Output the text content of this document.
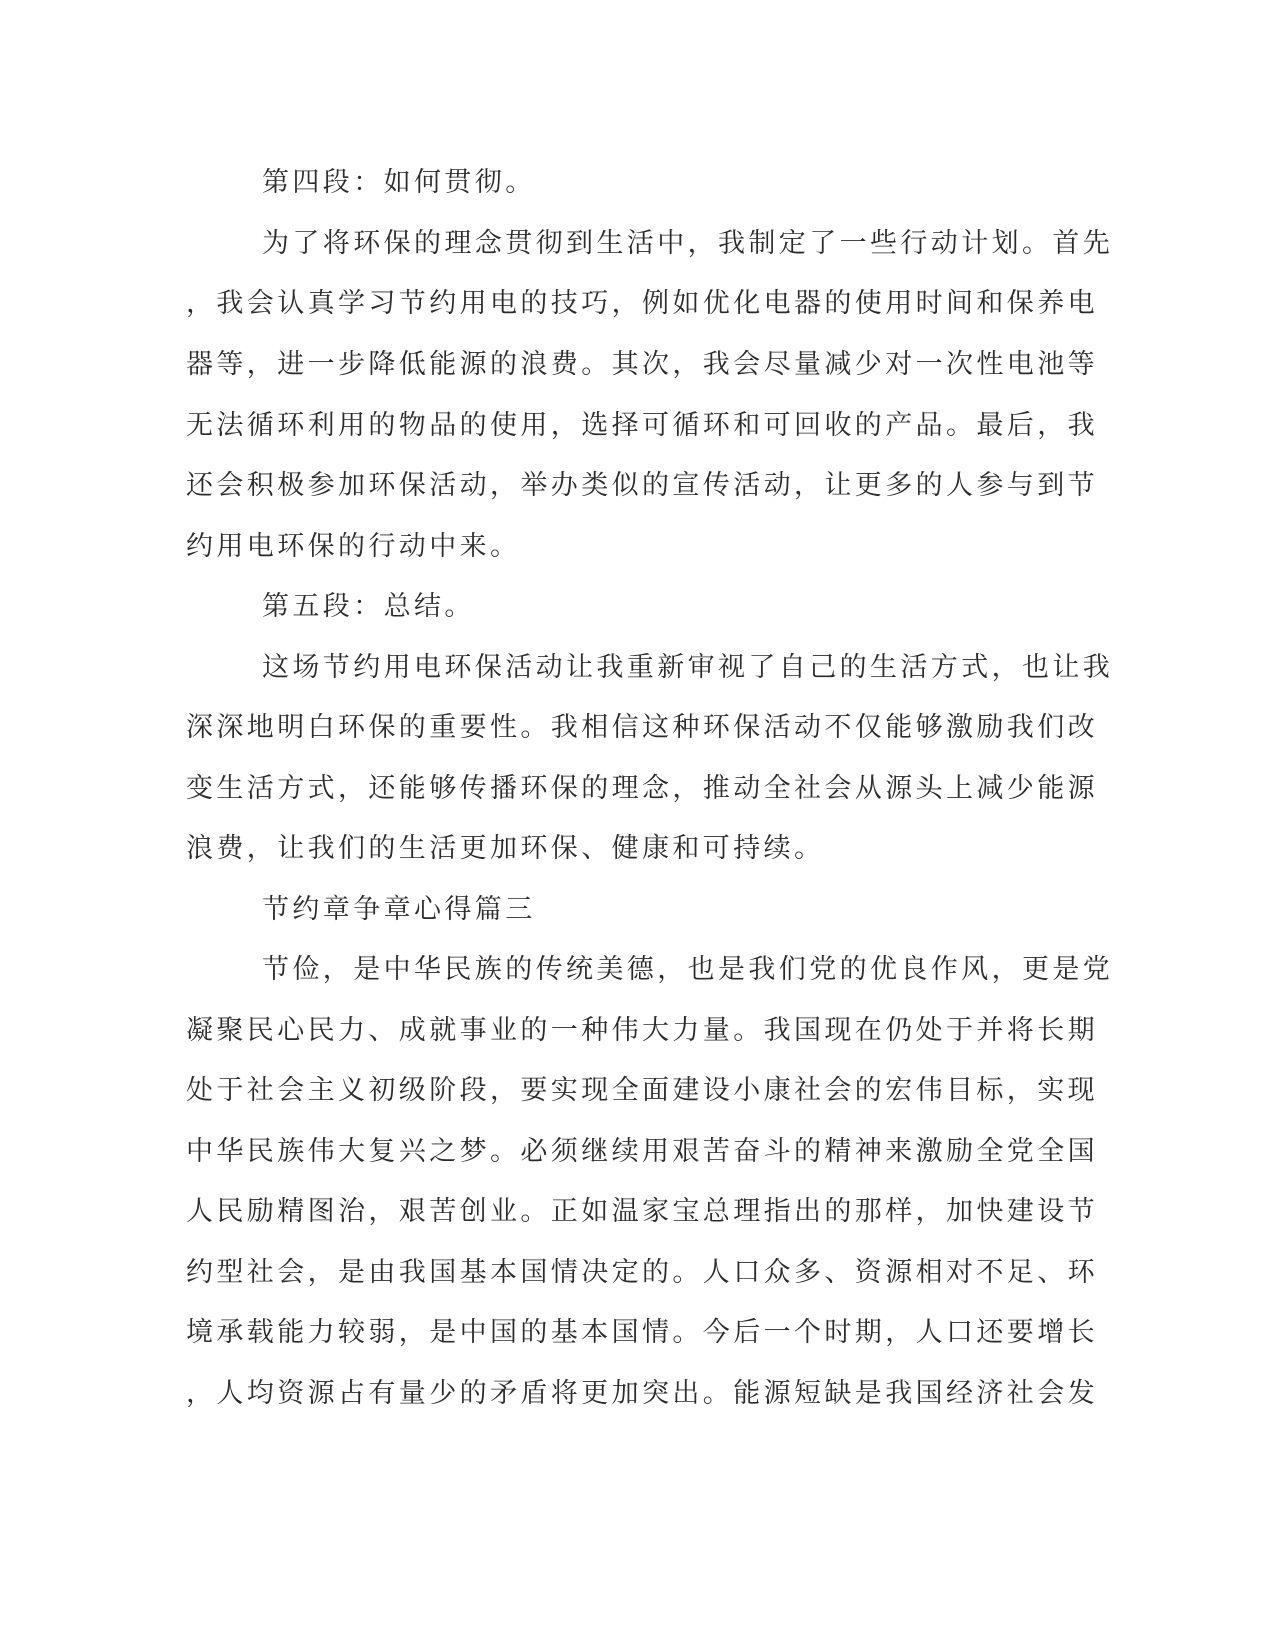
第四段：如何贯彻。

为了将环保的理念贯彻到生活中，我制定了一些行动计划。首先

，我会认真学习节约用电的技巧，例如优化电器的使用时间和保养电

器等，进一步降低能源的浪费。其次，我会尽量减少对一次性电池等

无法循环利用的物品的使用，选择可循环和可回收的产品。最后，我

还会积极参加环保活动，举办类似的宣传活动，让更多的人参与到节

约用电环保的行动中来。

第五段：总结。

这场节约用电环保活动让我重新审视了自己的生活方式，也让我

深深地明白环保的重要性。我相信这种环保活动不仅能够激励我们改

变生活方式，还能够传播环保的理念，推动全社会从源头上减少能源

浪费，让我们的生活更加环保、健康和可持续。

节约章争章心得篇三

节俭，是中华民族的传统美德，也是我们党的优良作风，更是党

凝聚民心民力、成就事业的一种伟大力量。我国现在仍处于并将长期

处于社会主义初级阶段，要实现全面建设小康社会的宏伟目标，实现

中华民族伟大复兴之梦。必须继续用艰苦奋斗的精神来激励全党全国

人民励精图治，艰苦创业。正如温家宝总理指出的那样，加快建设节

约型社会，是由我国基本国情决定的。人口众多、资源相对不足、环

境承载能力较弱，是中国的基本国情。今后一个时期，人口还要增长

，人均资源占有量少的矛盾将更加突出。能源短缺是我国经济社会发
